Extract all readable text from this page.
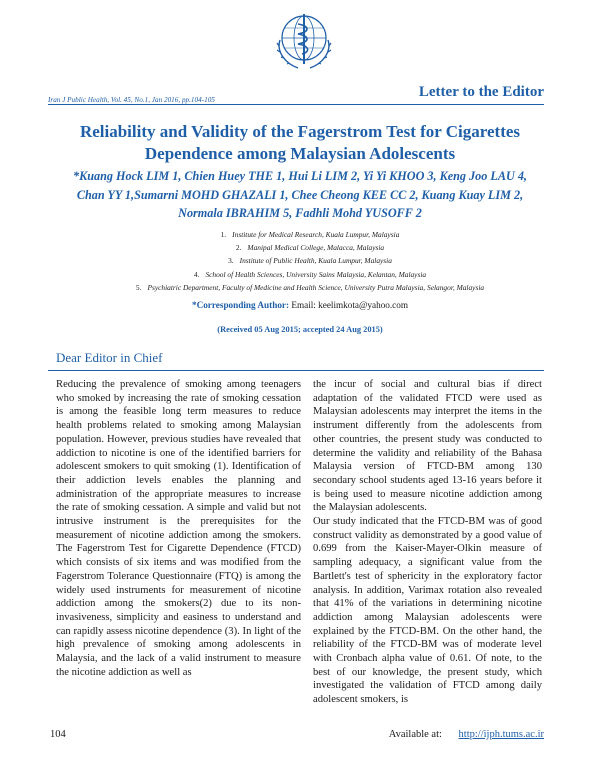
Iran J Public Health, Vol. 45, No.1, Jan 2016, pp.104-105	Letter to the Editor
Reliability and Validity of the Fagerstrom Test for Cigarettes Dependence among Malaysian Adolescents
*Kuang Hock LIM 1, Chien Huey THE 1, Hui Li LIM 2, Yi Yi KHOO 3, Keng Joo LAU 4,
Chan YY 1,Sumarni MOHD GHAZALI 1, Chee Cheong KEE CC 2, Kuang Kuay LIM 2,
Normala IBRAHIM 5, Fadhli Mohd YUSOFF 2
1. Institute for Medical Research, Kuala Lumpur, Malaysia
2. Manipal Medical College, Malacca, Malaysia
3. Institute of Public Health, Kuala Lumpur, Malaysia
4. School of Health Sciences, University Sains Malaysia, Kelantan, Malaysia
5. Psychiatric Department, Faculty of Medicine and Health Science, University Putra Malaysia, Selangor, Malaysia
*Corresponding Author: Email: keelimkota@yahoo.com
(Received 05 Aug 2015; accepted 24 Aug 2015)
Dear Editor in Chief

Reducing the prevalence of smoking among teenagers who smoked by increasing the rate of smoking cessation is among the feasible long term measures to reduce health problems related to smoking among Malaysian population. However, previous studies have revealed that addiction to nicotine is one of the identified barriers for adolescent smokers to quit smoking (1). Identification of their addiction levels enables the planning and administration of the appropriate measures to increase the rate of smoking cessation. A simple and valid but not intrusive instrument is the prerequisites for the measurement of nicotine addiction among the smokers. The Fagerstrom Test for Cigarette Dependence (FTCD) which consists of six items and was modified from the Fagerstrom Tolerance Questionnaire (FTQ) is among the widely used instruments for measurement of nicotine addiction among the smokers(2) due to its non-invasiveness, simplicity and easiness to understand and can rapidly assess nicotine dependence (3). In light of the high prevalence of smoking among adolescents in Malaysia, and the lack of a valid instrument to measure the nicotine addiction as well as

the incur of social and cultural bias if direct adaptation of the validated FTCD were used as Malaysian adolescents may interpret the items in the instrument differently from the adolescents from other countries, the present study was conducted to determine the validity and reliability of the Bahasa Malaysia version of FTCD-BM among 130 secondary school students aged 13-16 years before it is being used to measure nicotine addiction among the Malaysian adolescents.

Our study indicated that the FTCD-BM was of good construct validity as demonstrated by a good value of 0.699 from the Kaiser-Mayer-Olkin measure of sampling adequacy, a significant value from the Bartlett's test of sphericity in the exploratory factor analysis. In addition, Varimax rotation also revealed that 41% of the variations in determining nicotine addiction among Malaysian adolescents were explained by the FTCD-BM. On the other hand, the reliability of the FTCD-BM was of moderate level with Cronbach alpha value of 0.61. Of note, to the best of our knowledge, the present study, which investigated the validation of FTCD among daily adolescent smokers, is

104	Available at: http://ijph.tums.ac.ir
